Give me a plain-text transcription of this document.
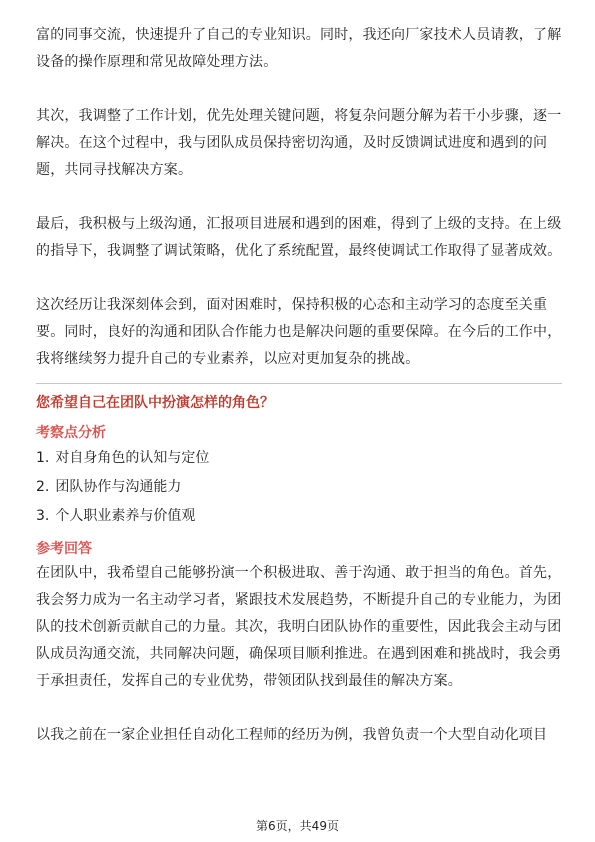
富的同事交流，快速提升了自己的专业知识。同时，我还向厂家技术人员请教，了解设备的操作原理和常见故障处理方法。

其次，我调整了工作计划，优先处理关键问题，将复杂问题分解为若干小步骤，逐一解决。在这个过程中，我与团队成员保持密切沟通，及时反馈调试进度和遇到的问题，共同寻找解决方案。

最后，我积极与上级沟通，汇报项目进展和遇到的困难，得到了上级的支持。在上级的指导下，我调整了调试策略，优化了系统配置，最终使调试工作取得了显著成效。

这次经历让我深刻体会到，面对困难时，保持积极的心态和主动学习的态度至关重要。同时，良好的沟通和团队合作能力也是解决问题的重要保障。在今后的工作中，我将继续努力提升自己的专业素养，以应对更加复杂的挑战。

您希望自己在团队中扮演怎样的角色？
考察点分析
1. 对自身角色的认知与定位
2. 团队协作与沟通能力
3. 个人职业素养与价值观
参考回答

在团队中，我希望自己能够扮演一个积极进取、善于沟通、敢于担当的角色。首先，我会努力成为一名主动学习者，紧跟技术发展趋势，不断提升自己的专业能力，为团队的技术创新贡献自己的力量。其次，我明白团队协作的重要性，因此我会主动与团队成员沟通交流，共同解决问题，确保项目顺利推进。在遇到困难和挑战时，我会勇于承担责任，发挥自己的专业优势，带领团队找到最佳的解决方案。

以我之前在一家企业担任自动化工程师的经历为例，我曾负责一个大型自动化项目

第6页，共49页
